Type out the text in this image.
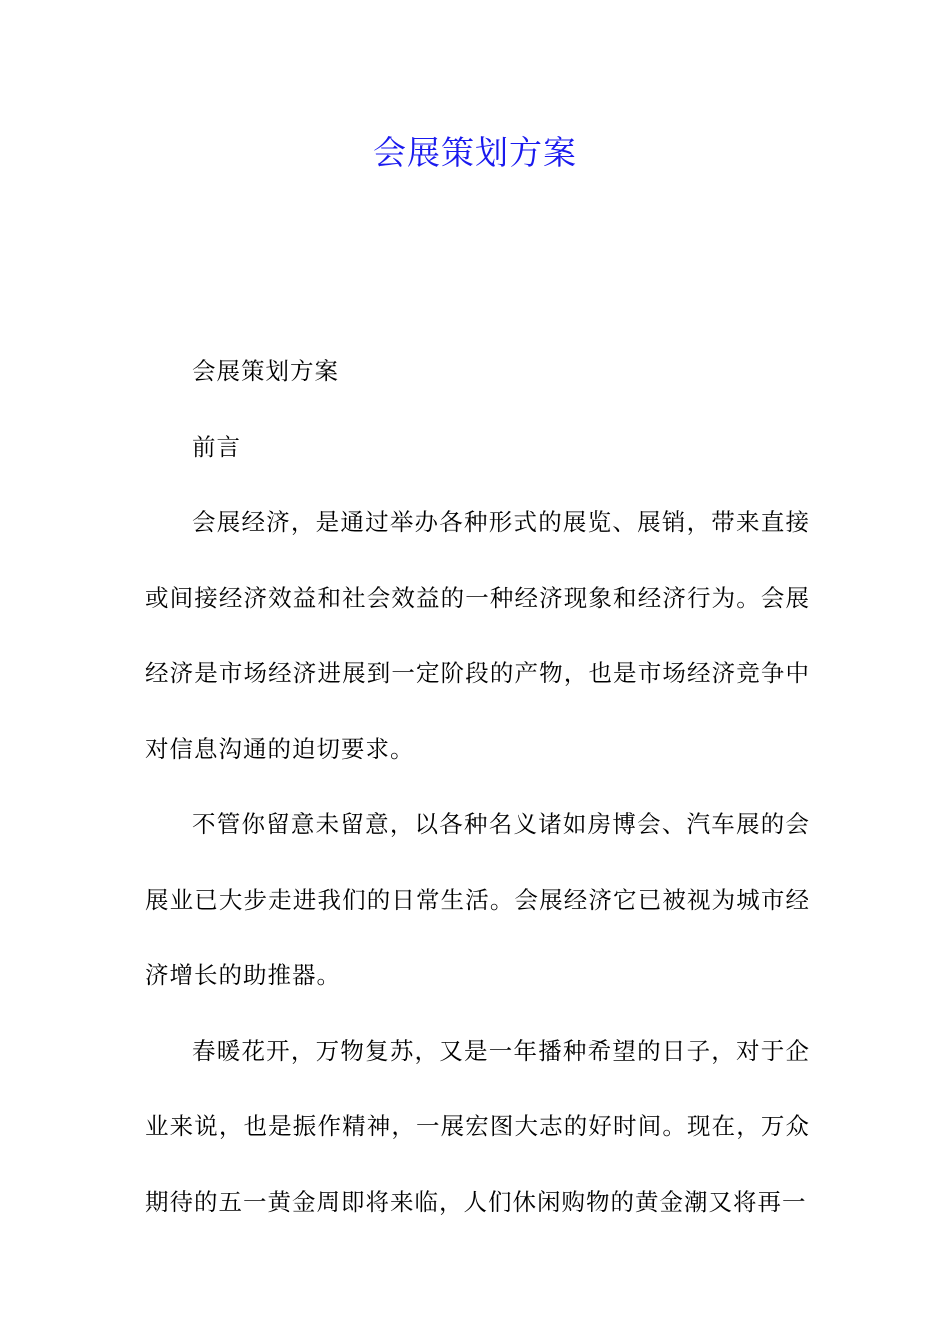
会展策划方案

会展策划方案

前言

会展经济，是通过举办各种形式的展览、展销，带来直接或间接经济效益和社会效益的一种经济现象和经济行为。会展经济是市场经济进展到一定阶段的产物，也是市场经济竞争中对信息沟通的迫切要求。

不管你留意未留意，以各种名义诸如房博会、汽车展的会展业已大步走进我们的日常生活。会展经济它已被视为城市经济增长的助推器。

春暖花开，万物复苏，又是一年播种希望的日子，对于企业来说，也是振作精神，一展宏图大志的好时间。现在，万众期待的五一黄金周即将来临，人们休闲购物的黄金潮又将再一
